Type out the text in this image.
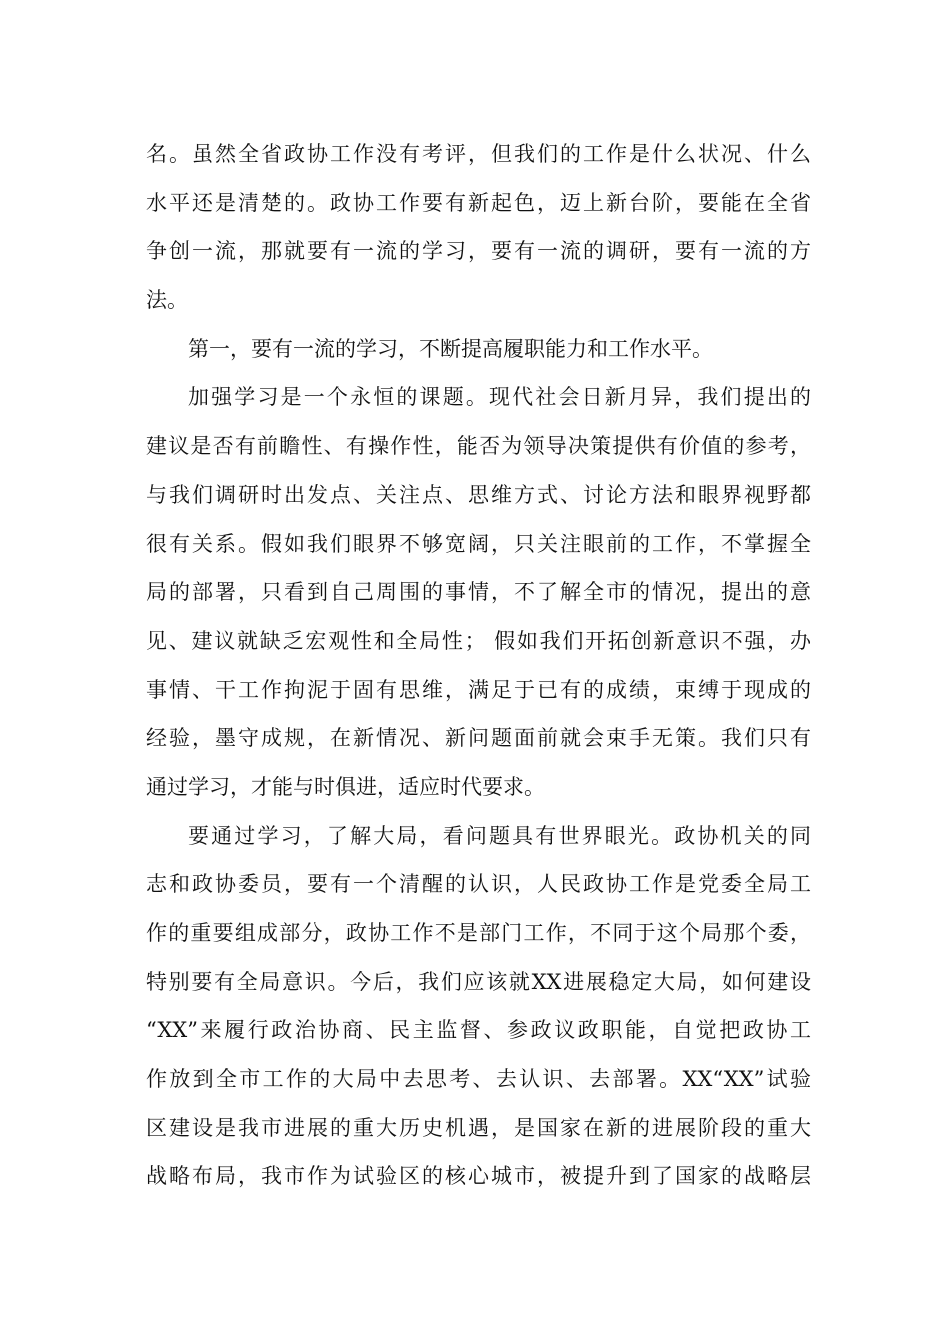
名。虽然全省政协工作没有考评，但我们的工作是什么状况、什么
水平还是清楚的。政协工作要有新起色，迈上新台阶，要能在全省
争创一流，那就要有一流的学习，要有一流的调研，要有一流的方
法。
第一，要有一流的学习，不断提高履职能力和工作水平。
加强学习是一个永恒的课题。现代社会日新月异，我们提出的
建议是否有前瞻性、有操作性，能否为领导决策提供有价值的参考，
与我们调研时出发点、关注点、思维方式、讨论方法和眼界视野都
很有关系。假如我们眼界不够宽阔，只关注眼前的工作，不掌握全
局的部署，只看到自己周围的事情，不了解全市的情况，提出的意
见、建议就缺乏宏观性和全局性； 假如我们开拓创新意识不强，办
事情、干工作拘泥于固有思维，满足于已有的成绩，束缚于现成的
经验，墨守成规，在新情况、新问题面前就会束手无策。我们只有
通过学习，才能与时俱进，适应时代要求。
要通过学习，了解大局，看问题具有世界眼光。政协机关的同
志和政协委员，要有一个清醒的认识，人民政协工作是党委全局工
作的重要组成部分，政协工作不是部门工作，不同于这个局那个委，
特别要有全局意识。今后，我们应该就XX进展稳定大局，如何建设
“XX”来履行政治协商、民主监督、参政议政职能，自觉把政协工
作放到全市工作的大局中去思考、去认识、去部署。XX“XX”试验
区建设是我市进展的重大历史机遇，是国家在新的进展阶段的重大
战略布局，我市作为试验区的核心城市，被提升到了国家的战略层
